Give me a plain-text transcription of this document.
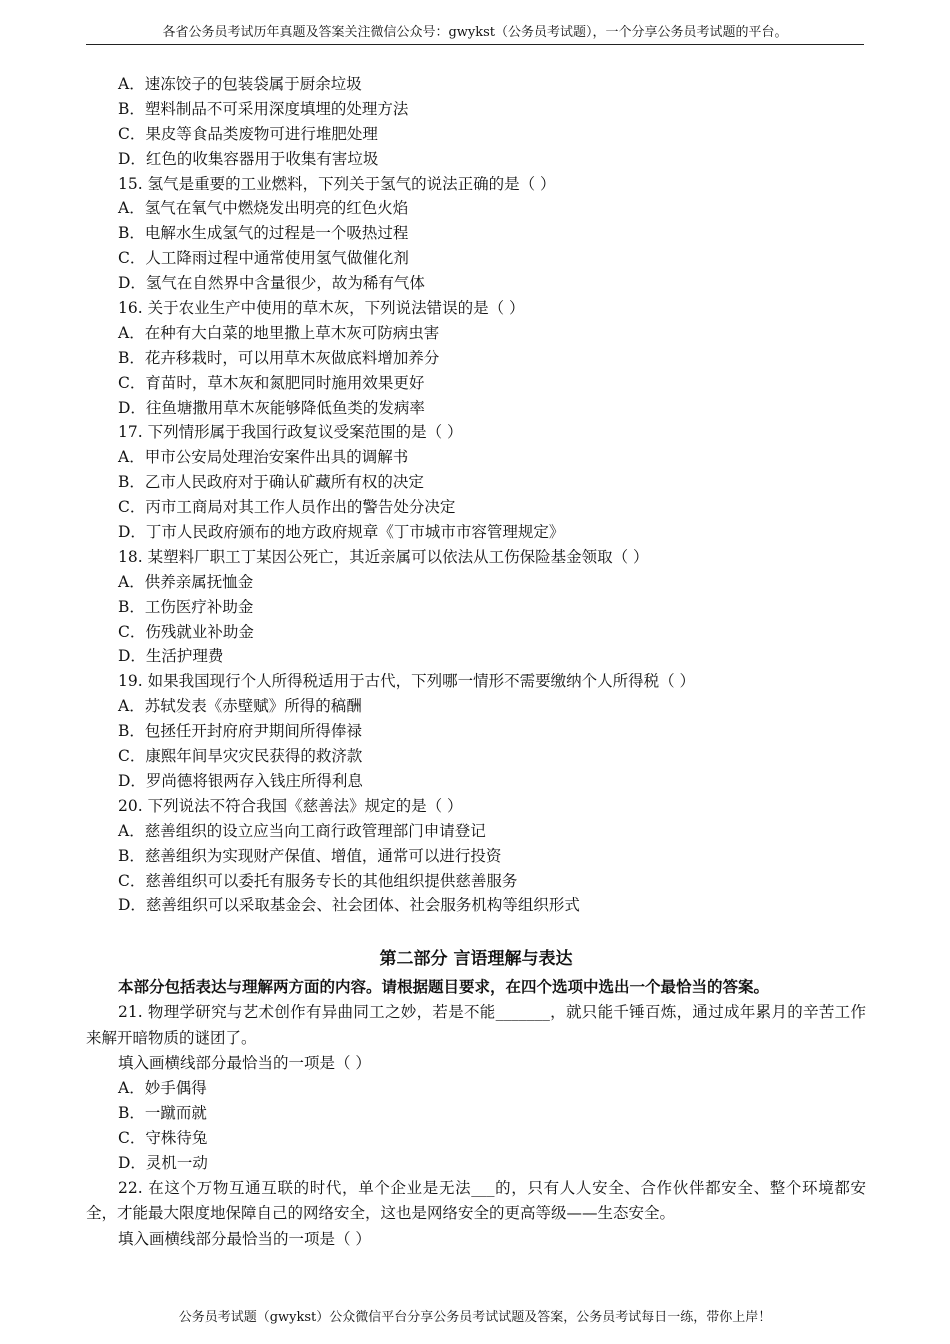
各省公务员考试历年真题及答案关注微信公众号：gwykst（公务员考试题），一个分享公务员考试题的平台。
A．速冻饺子的包装袋属于厨余垃圾
B．塑料制品不可采用深度填埋的处理方法
C．果皮等食品类废物可进行堆肥处理
D．红色的收集容器用于收集有害垃圾
15. 氢气是重要的工业燃料，下列关于氢气的说法正确的是（ ）
A．氢气在氧气中燃烧发出明亮的红色火焰
B．电解水生成氢气的过程是一个吸热过程
C．人工降雨过程中通常使用氢气做催化剂
D．氢气在自然界中含量很少，故为稀有气体
16. 关于农业生产中使用的草木灰，下列说法错误的是（ ）
A．在种有大白菜的地里撒上草木灰可防病虫害
B．花卉移栽时，可以用草木灰做底料增加养分
C．育苗时，草木灰和氮肥同时施用效果更好
D．往鱼塘撒用草木灰能够降低鱼类的发病率
17. 下列情形属于我国行政复议受案范围的是（ ）
A．甲市公安局处理治安案件出具的调解书
B．乙市人民政府对于确认矿藏所有权的决定
C．丙市工商局对其工作人员作出的警告处分决定
D．丁市人民政府颁布的地方政府规章《丁市城市市容管理规定》
18. 某塑料厂职工丁某因公死亡，其近亲属可以依法从工伤保险基金领取（ ）
A．供养亲属抚恤金
B．工伤医疗补助金
C．伤残就业补助金
D．生活护理费
19. 如果我国现行个人所得税适用于古代，下列哪一情形不需要缴纳个人所得税（ ）
A．苏轼发表《赤壁赋》所得的稿酬
B．包拯任开封府府尹期间所得俸禄
C．康熙年间旱灾灾民获得的救济款
D．罗尚德将银两存入钱庄所得利息
20. 下列说法不符合我国《慈善法》规定的是（ ）
A．慈善组织的设立应当向工商行政管理部门申请登记
B．慈善组织为实现财产保值、增值，通常可以进行投资
C．慈善组织可以委托有服务专长的其他组织提供慈善服务
D．慈善组织可以采取基金会、社会团体、社会服务机构等组织形式
第二部分 言语理解与表达
本部分包括表达与理解两方面的内容。请根据题目要求，在四个选项中选出一个最恰当的答案。
21. 物理学研究与艺术创作有异曲同工之妙，若是不能_______，就只能千锤百炼，通过成年累月的辛苦工作来解开暗物质的谜团了。
填入画横线部分最恰当的一项是（ ）
A．妙手偶得
B．一蹴而就
C．守株待兔
D．灵机一动
22. 在这个万物互通互联的时代，单个企业是无法___的，只有人人安全、合作伙伴都安全、整个环境都安全，才能最大限度地保障自己的网络安全，这也是网络安全的更高等级——生态安全。
填入画横线部分最恰当的一项是（ ）
公务员考试题（gwykst）公众微信平台分享公务员考试试题及答案，公务员考试每日一练，带你上岸！
